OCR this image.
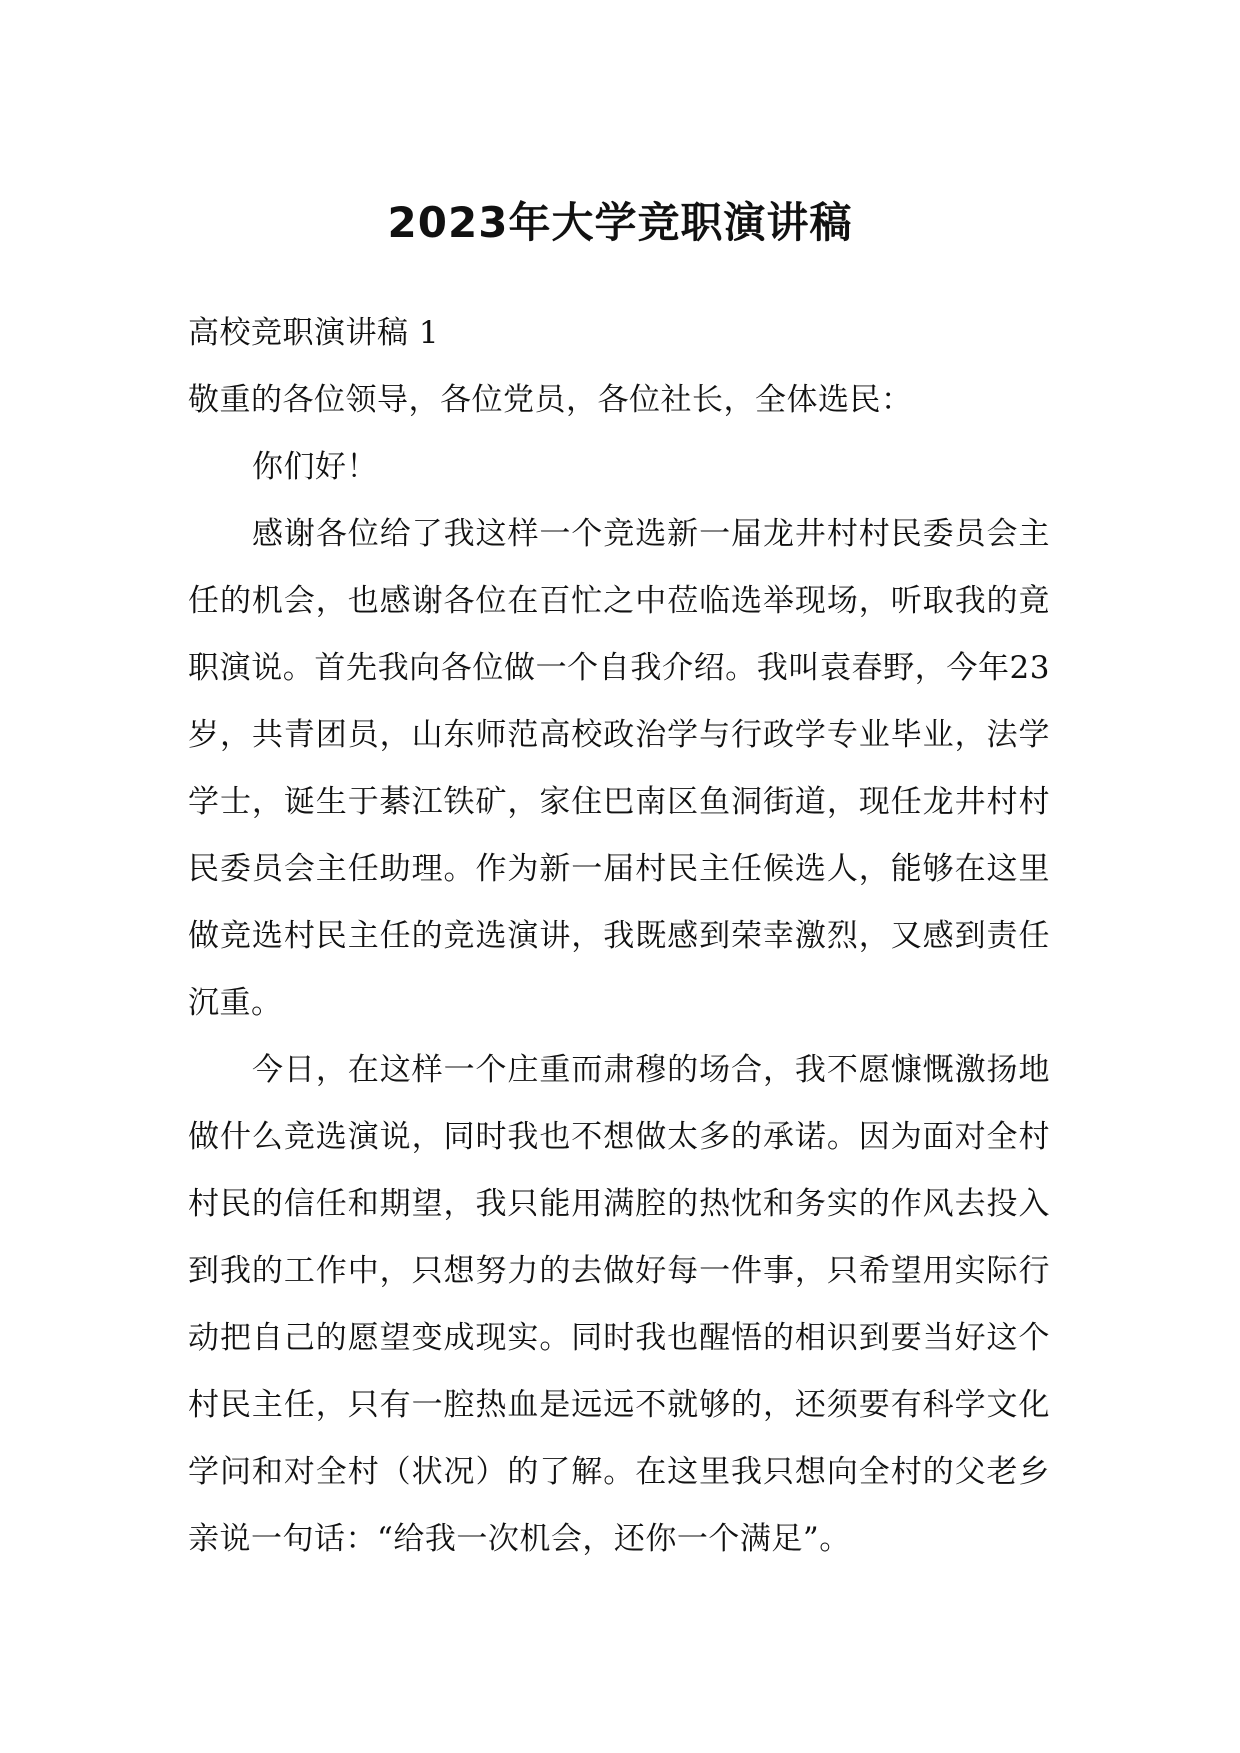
2023年大学竞职演讲稿

高校竞职演讲稿 1

敬重的各位领导，各位党员，各位社长，全体选民：

你们好！

感谢各位给了我这样一个竞选新一届龙井村村民委员会主任的机会，也感谢各位在百忙之中莅临选举现场，听取我的竟职演说。首先我向各位做一个自我介绍。我叫袁春野，今年23岁，共青团员，山东师范高校政治学与行政学专业毕业，法学学士，诞生于綦江铁矿，家住巴南区鱼洞街道，现任龙井村村民委员会主任助理。作为新一届村民主任候选人，能够在这里做竞选村民主任的竞选演讲，我既感到荣幸激烈，又感到责任沉重。

今日，在这样一个庄重而肃穆的场合，我不愿慷慨激扬地做什么竞选演说，同时我也不想做太多的承诺。因为面对全村村民的信任和期望，我只能用满腔的热忱和务实的作风去投入到我的工作中，只想努力的去做好每一件事，只希望用实际行动把自己的愿望变成现实。同时我也醒悟的相识到要当好这个村民主任，只有一腔热血是远远不就够的，还须要有科学文化学问和对全村（状况）的了解。在这里我只想向全村的父老乡亲说一句话：“给我一次机会，还你一个满足”。
